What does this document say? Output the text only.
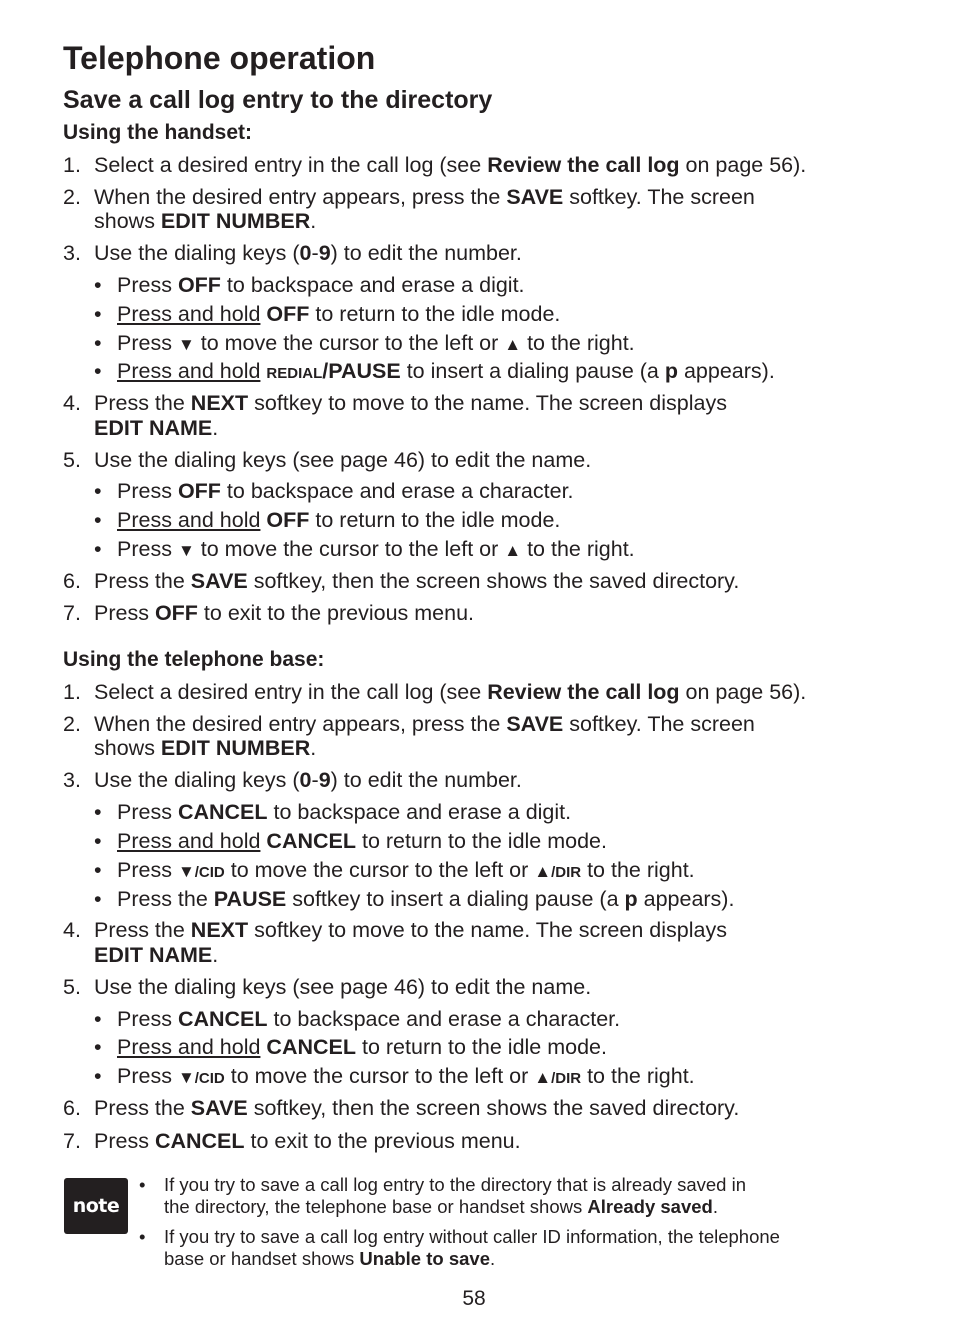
Telephone operation
Save a call log entry to the directory
Using the handset:
1. Select a desired entry in the call log (see Review the call log on page 56).
2. When the desired entry appears, press the SAVE softkey. The screen
shows EDIT NUMBER.
3. Use the dialing keys (0-9) to edit the number.
• Press OFF to backspace and erase a digit.
• Press and hold OFF to return to the idle mode.
• Press ▼ to move the cursor to the left or ▲ to the right.
• Press and hold REDIAL/PAUSE to insert a dialing pause (a p appears).
4. Press the NEXT softkey to move to the name. The screen displays
EDIT NAME.
5. Use the dialing keys (see page 46) to edit the name.
• Press OFF to backspace and erase a character.
• Press and hold OFF to return to the idle mode.
• Press ▼ to move the cursor to the left or ▲ to the right.
6. Press the SAVE softkey, then the screen shows the saved directory.
7. Press OFF to exit to the previous menu.
Using the telephone base:
1. Select a desired entry in the call log (see Review the call log on page 56).
2. When the desired entry appears, press the SAVE softkey. The screen
shows EDIT NUMBER.
3. Use the dialing keys (0-9) to edit the number.
• Press CANCEL to backspace and erase a digit.
• Press and hold CANCEL to return to the idle mode.
• Press ▼/CID to move the cursor to the left or ▲/DIR to the right.
• Press the PAUSE softkey to insert a dialing pause (a p appears).
4. Press the NEXT softkey to move to the name. The screen displays
EDIT NAME.
5. Use the dialing keys (see page 46) to edit the name.
• Press CANCEL to backspace and erase a character.
• Press and hold CANCEL to return to the idle mode.
• Press ▼/CID to move the cursor to the left or ▲/DIR to the right.
6. Press the SAVE softkey, then the screen shows the saved directory.
7. Press CANCEL to exit to the previous menu.
note
• If you try to save a call log entry to the directory that is already saved in
the directory, the telephone base or handset shows Already saved.
• If you try to save a call log entry without caller ID information, the telephone
base or handset shows Unable to save.
58
